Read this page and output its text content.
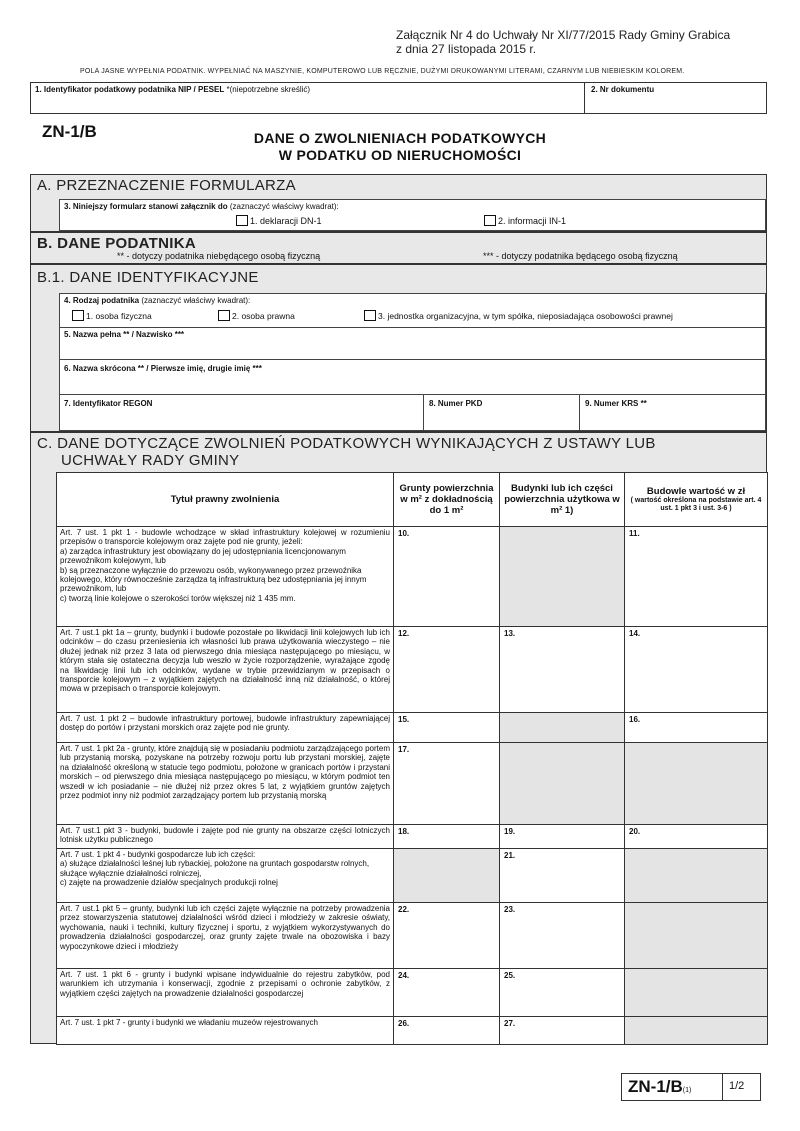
Załącznik Nr 4 do Uchwały Nr XI/77/2015 Rady Gminy Grabica
z dnia 27 listopada 2015 r.
POLA JASNE WYPEŁNIA PODATNIK. WYPEŁNIAĆ NA MASZYNIE, KOMPUTEROWO LUB RĘCZNIE, DUŻYMI DRUKOWANYMI LITERAMI, CZARNYM LUB NIEBIESKIM KOLOREM.
1. Identyfikator podatkowy podatnika NIP / PESEL *(niepotrzebne skreślić)	2. Nr dokumentu
ZN-1/B	DANE O ZWOLNIENIACH PODATKOWYCH
W PODATKU OD NIERUCHOMOŚCI
A. PRZEZNACZENIE FORMULARZA
3. Niniejszy formularz stanowi załącznik do (zaznaczyć właściwy kwadrat):
1. deklaracji DN-1	2. informacji IN-1
B. DANE PODATNIKA
** - dotyczy podatnika niebędącego osobą fizyczną	*** - dotyczy podatnika będącego osobą fizyczną
B.1. DANE IDENTYFIKACYJNE
4. Rodzaj podatnika (zaznaczyć właściwy kwadrat):
1. osoba fizyczna	2. osoba prawna	3. jednostka organizacyjna, w tym spółka, nieposiadająca osobowości prawnej
5. Nazwa pełna ** / Nazwisko ***
6. Nazwa skrócona ** / Pierwsze imię, drugie imię ***
7. Identyfikator REGON	8. Numer PKD	9. Numer KRS **
C. DANE DOTYCZĄCE ZWOLNIEŃ PODATKOWYCH WYNIKAJĄCYCH Z USTAWY LUB
UCHWAŁY RADY GMINY
Tytuł prawny zwolnienia	Grunty powierzchnia w m² z dokładnością do 1 m²	Budynki lub ich części powierzchnia użytkowa w m² 1)	Budowle wartość w zł
( wartość określona na podstawie art. 4 ust. 1 pkt 3 i ust. 3-6 )

Art. 7 ust. 1 pkt 1 - budowle wchodzące w skład infrastruktury kolejowej w rozumieniu przepisów o transporcie kolejowym oraz zajęte pod nie grunty, jeżeli:
a) zarządca infrastruktury jest obowiązany do jej udostępniania licencjonowanym przewoźnikom kolejowym, lub
b) są przeznaczone wyłącznie do przewozu osób, wykonywanego przez przewoźnika kolejowego, który równocześnie zarządza tą infrastrukturą bez udostępniania jej innym przewoźnikom, lub
c) tworzą linie kolejowe o szerokości torów większej niż 1 435 mm.	10.		11.

Art. 7 ust.1 pkt 1a – grunty, budynki i budowle pozostałe po likwidacji linii kolejowych lub ich odcinków – do czasu przeniesienia ich własności lub prawa użytkowania wieczystego – nie dłużej jednak niż przez 3 lata od pierwszego dnia miesiąca następującego po miesiącu, w którym stała się ostateczna decyzja lub weszło w życie rozporządzenie, wyrażające zgodę na likwidację linii lub ich odcinków, wydane w trybie przewidzianym w przepisach o transporcie kolejowym – z wyjątkiem zajętych na działalność inną niż działalność, o której mowa w przepisach o transporcie kolejowym.	12.	13.	14.

Art. 7 ust. 1 pkt 2 – budowle infrastruktury portowej, budowle infrastruktury zapewniającej dostęp do portów i przystani morskich oraz zajęte pod nie grunty.	15.		16.

Art. 7 ust. 1 pkt 2a - grunty, które znajdują się w posiadaniu podmiotu zarządzającego portem lub przystanią morską, pozyskane na potrzeby rozwoju portu lub przystani morskiej, zajęte na działalność określoną w statucie tego podmiotu, położone w granicach portów i przystani morskich – od pierwszego dnia miesiąca następującego po miesiącu, w którym podmiot ten wszedł w ich posiadanie – nie dłużej niż przez okres 5 lat, z wyjątkiem gruntów zajętych przez podmiot inny niż podmiot zarządzający portem lub przystanią morską	17.		

Art. 7 ust.1 pkt 3 - budynki, budowle i zajęte pod nie grunty na obszarze części lotniczych lotnisk użytku publicznego	18.	19.	20.

Art. 7 ust. 1 pkt 4 - budynki gospodarcze lub ich części:
a) służące działalności leśnej lub rybackiej, położone na gruntach gospodarstw rolnych, służące wyłącznie działalności rolniczej,
c) zajęte na prowadzenie działów specjalnych produkcji rolnej		21.	

Art. 7 ust.1 pkt 5 – grunty, budynki lub ich części zajęte wyłącznie na potrzeby prowadzenia przez stowarzyszenia statutowej działalności wśród dzieci i młodzieży w zakresie oświaty, wychowania, nauki i techniki, kultury fizycznej i sportu, z wyjątkiem wykorzystywanych do prowadzenia działalności gospodarczej, oraz grunty zajęte trwale na obozowiska i bazy wypoczynkowe dzieci i młodzieży	22.	23.	

Art. 7 ust. 1 pkt 6 - grunty i budynki wpisane indywidualnie do rejestru zabytków, pod warunkiem ich utrzymania i konserwacji, zgodnie z przepisami o ochronie zabytków, z wyjątkiem części zajętych na prowadzenie działalności gospodarczej	24.	25.	

Art. 7 ust. 1 pkt 7 - grunty i budynki we władaniu muzeów rejestrowanych	26.	27.	
ZN-1/B(1)	1/2
